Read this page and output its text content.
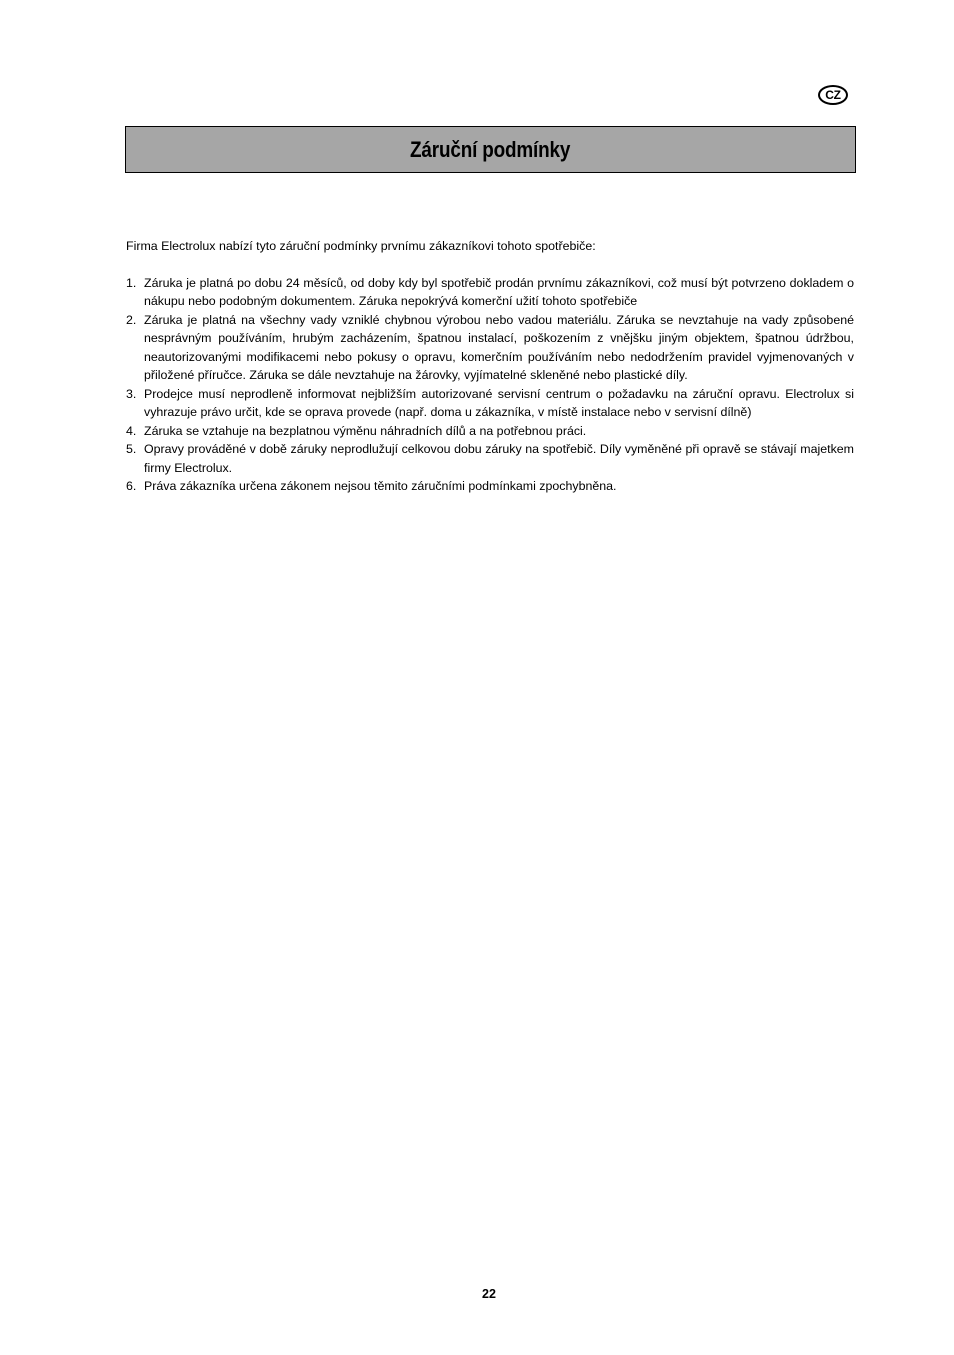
CZ
Záruční podmínky

Firma Electrolux nabízí tyto záruční podmínky prvnímu zákazníkovi tohoto spotřebiče:

1. Záruka je platná po dobu 24 měsíců, od doby kdy byl spotřebič prodán prvnímu zákazníkovi, což musí být potvrzeno dokladem o nákupu nebo podobným dokumentem. Záruka nepokrývá komerční užití tohoto spotřebiče
2. Záruka je platná na všechny vady vzniklé chybnou výrobou nebo vadou materiálu. Záruka se nevztahuje na vady způsobené nesprávným používáním, hrubým zacházením, špatnou instalací, poškozením z vnějšku jiným objektem, špatnou údržbou, neautorizovanými modifikacemi nebo pokusy o opravu, komerčním používáním nebo nedodržením pravidel vyjmenovaných v přiložené příručce. Záruka se dále nevztahuje na žárovky, vyjímatelné skleněné nebo plastické díly.
3. Prodejce musí neprodleně informovat nejbližším autorizované servisní centrum o požadavku na záruční opravu. Electrolux si vyhrazuje právo určit, kde se oprava provede (např. doma u zákazníka, v místě instalace nebo v servisní dílně)
4. Záruka se vztahuje na bezplatnou výměnu náhradních dílů a na potřebnou práci.
5. Opravy prováděné v době záruky neprodlužují celkovou dobu záruky na spotřebič. Díly vyměněné při opravě se stávají majetkem firmy Electrolux.
6. Práva zákazníka určena zákonem nejsou těmito záručními podmínkami zpochybněna.
22
